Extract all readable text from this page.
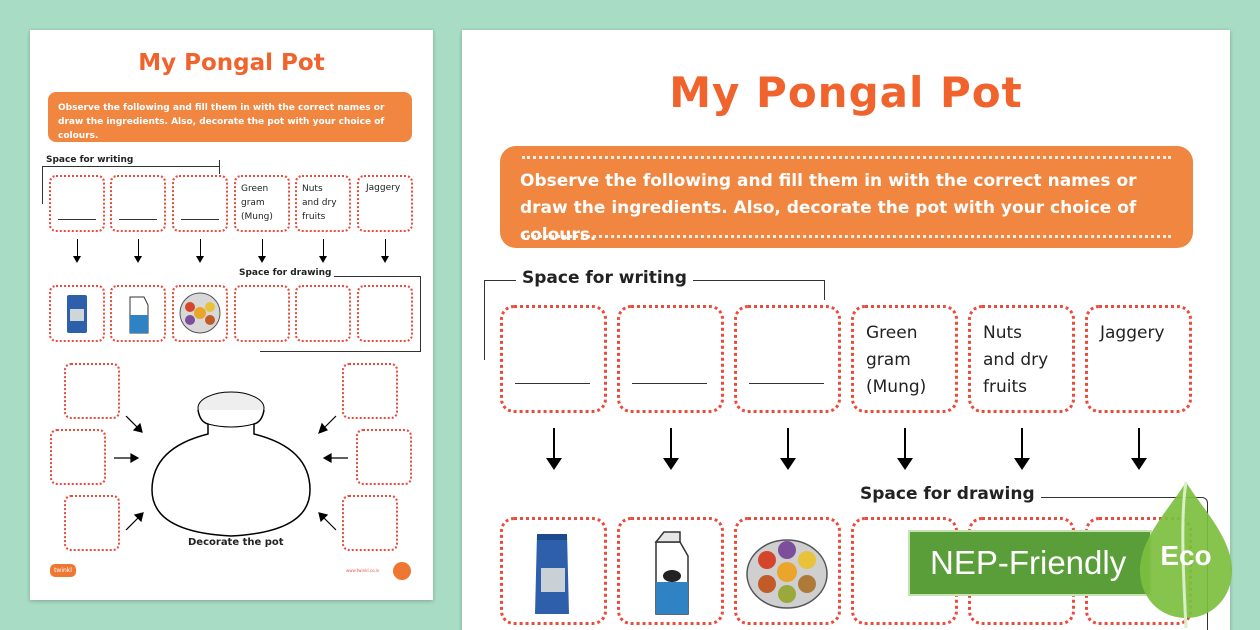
My Pongal Pot
Observe the following and fill them in with the correct names or draw the ingredients. Also, decorate the pot with your choice of colours.
Space for writing
Green
gram
(Mung)
Nuts
and dry
fruits
Jaggery
Space for drawing
Decorate the pot
twinkl	www.twinkl.co.in
My Pongal Pot
Observe the following and fill them in with the correct names or draw the ingredients. Also, decorate the pot with your choice of colours.
Space for writing
Green
gram
(Mung)
Nuts
and dry
fruits
Jaggery
Space for drawing
NEP-Friendly	Eco
